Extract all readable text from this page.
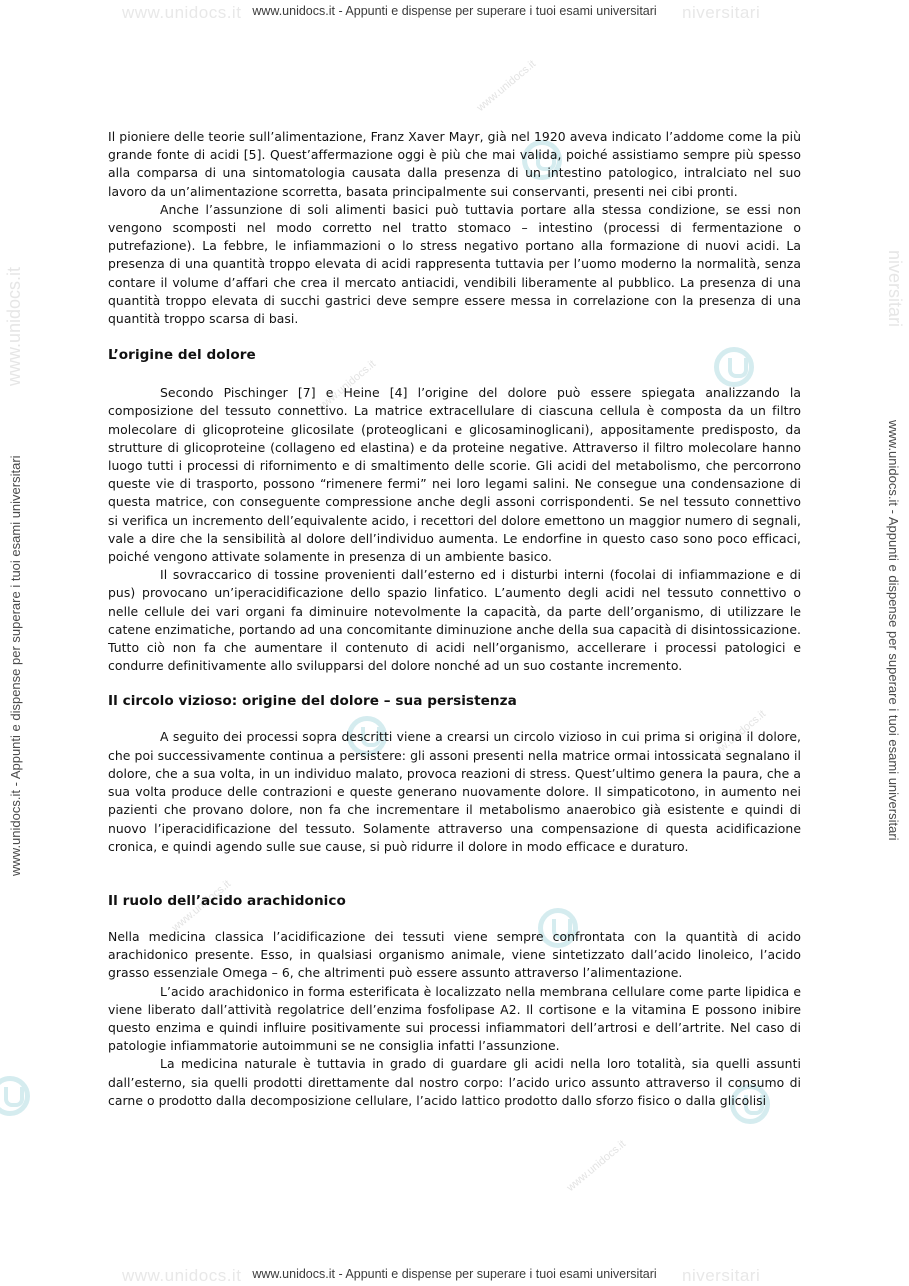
www.unidocs.it	niversitari
www.unidocs.it - Appunti e dispense per superare i tuoi esami universitari
www.unidocs.it	niversitari
www.unidocs.it - Appunti e dispense per superare i tuoi esami universitari
www.unidocs.it - Appunti e dispense per superare i tuoi esami universitari
www.unidocs.it
www.unidocs.it - Appunti e dispense per superare i tuoi esami universitari
niversitari
www.unidocs.it
www.unidocs.it
www.unidocs.it
www.unidocs.it
www.unidocs.it

Il pioniere delle teorie sull’alimentazione, Franz Xaver Mayr, già nel 1920 aveva indicato l’addome come la più grande fonte di acidi [5]. Quest’affermazione oggi è più che mai valida, poiché assistiamo sempre più spesso alla comparsa di una sintomatologia causata dalla presenza di un intestino patologico, intralciato nel suo lavoro da un’alimentazione scorretta, basata principalmente sui conservanti, presenti nei cibi pronti.

Anche l’assunzione di soli alimenti basici può tuttavia portare alla stessa condizione, se essi non vengono scomposti nel modo corretto nel tratto stomaco – intestino (processi di fermentazione o putrefazione). La febbre, le infiammazioni o lo stress negativo portano alla formazione di nuovi acidi. La presenza di una quantità troppo elevata di acidi rappresenta tuttavia per l’uomo moderno la normalità, senza contare il volume d’affari che crea il mercato antiacidi, vendibili liberamente al pubblico. La presenza di una quantità troppo elevata di succhi gastrici deve sempre essere messa in correlazione con la presenza di una quantità troppo scarsa di basi.

L’origine del dolore

Secondo Pischinger [7] e Heine [4] l’origine del dolore può essere spiegata analizzando la composizione del tessuto connettivo. La matrice extracellulare di ciascuna cellula è composta da un filtro molecolare di glicoproteine glicosilate (proteoglicani e glicosaminoglicani), appositamente predisposto, da strutture di glicoproteine (collageno ed elastina) e da proteine negative. Attraverso il filtro molecolare hanno luogo tutti i processi di rifornimento e di smaltimento delle scorie. Gli acidi del metabolismo, che percorrono queste vie di trasporto, possono “rimenere fermi” nei loro legami salini. Ne consegue una condensazione di questa matrice, con conseguente compressione anche degli assoni corrispondenti. Se nel tessuto connettivo si verifica un incremento dell’equivalente acido, i recettori del dolore emettono un maggior numero di segnali, vale a dire che la sensibilità al dolore dell’individuo aumenta. Le endorfine in questo caso sono poco efficaci, poiché vengono attivate solamente in presenza di un ambiente basico.

Il sovraccarico di tossine provenienti dall’esterno ed i disturbi interni (focolai di infiammazione e di pus) provocano un’iperacidificazione dello spazio linfatico. L’aumento degli acidi nel tessuto connettivo o nelle cellule dei vari organi fa diminuire notevolmente la capacità, da parte dell’organismo, di utilizzare le catene enzimatiche, portando ad una concomitante diminuzione anche della sua capacità di disintossicazione. Tutto ciò non fa che aumentare il contenuto di acidi nell’organismo, accellerare i processi patologici e condurre definitivamente allo svilupparsi del dolore nonché ad un suo costante incremento.

Il circolo vizioso: origine del dolore – sua persistenza

A seguito dei processi sopra descritti viene a crearsi un circolo vizioso in cui prima si origina il dolore, che poi successivamente continua a persistere: gli assoni presenti nella matrice ormai intossicata segnalano il dolore, che a sua volta, in un individuo malato, provoca reazioni di stress. Quest’ultimo genera la paura, che a sua volta produce delle contrazioni e queste generano nuovamente dolore. Il simpaticotono, in aumento nei pazienti che provano dolore, non fa che incrementare il metabolismo anaerobico già esistente e quindi di nuovo l’iperacidificazione del tessuto. Solamente attraverso una compensazione di questa acidificazione cronica, e quindi agendo sulle sue cause, si può ridurre il dolore in modo efficace e duraturo.

Il ruolo dell’acido arachidonico

Nella medicina classica l’acidificazione dei tessuti viene sempre confrontata con la quantità di acido arachidonico presente. Esso, in qualsiasi organismo animale, viene sintetizzato dall’acido linoleico, l’acido grasso essenziale Omega – 6, che altrimenti può essere assunto attraverso l’alimentazione.

L’acido arachidonico in forma esterificata è localizzato nella membrana cellulare come parte lipidica e viene liberato dall’attività regolatrice dell’enzima fosfolipase A2. Il cortisone e la vitamina E possono inibire questo enzima e quindi influire positivamente sui processi infiammatori dell’artrosi e dell’artrite. Nel caso di patologie infiammatorie autoimmuni se ne consiglia infatti l’assunzione.

La medicina naturale è tuttavia in grado di guardare gli acidi nella loro totalità, sia quelli assunti dall’esterno, sia quelli prodotti direttamente dal nostro corpo: l’acido urico assunto attraverso il consumo di carne o prodotto dalla decomposizione cellulare, l’acido lattico prodotto dallo sforzo fisico o dalla glicolisi
